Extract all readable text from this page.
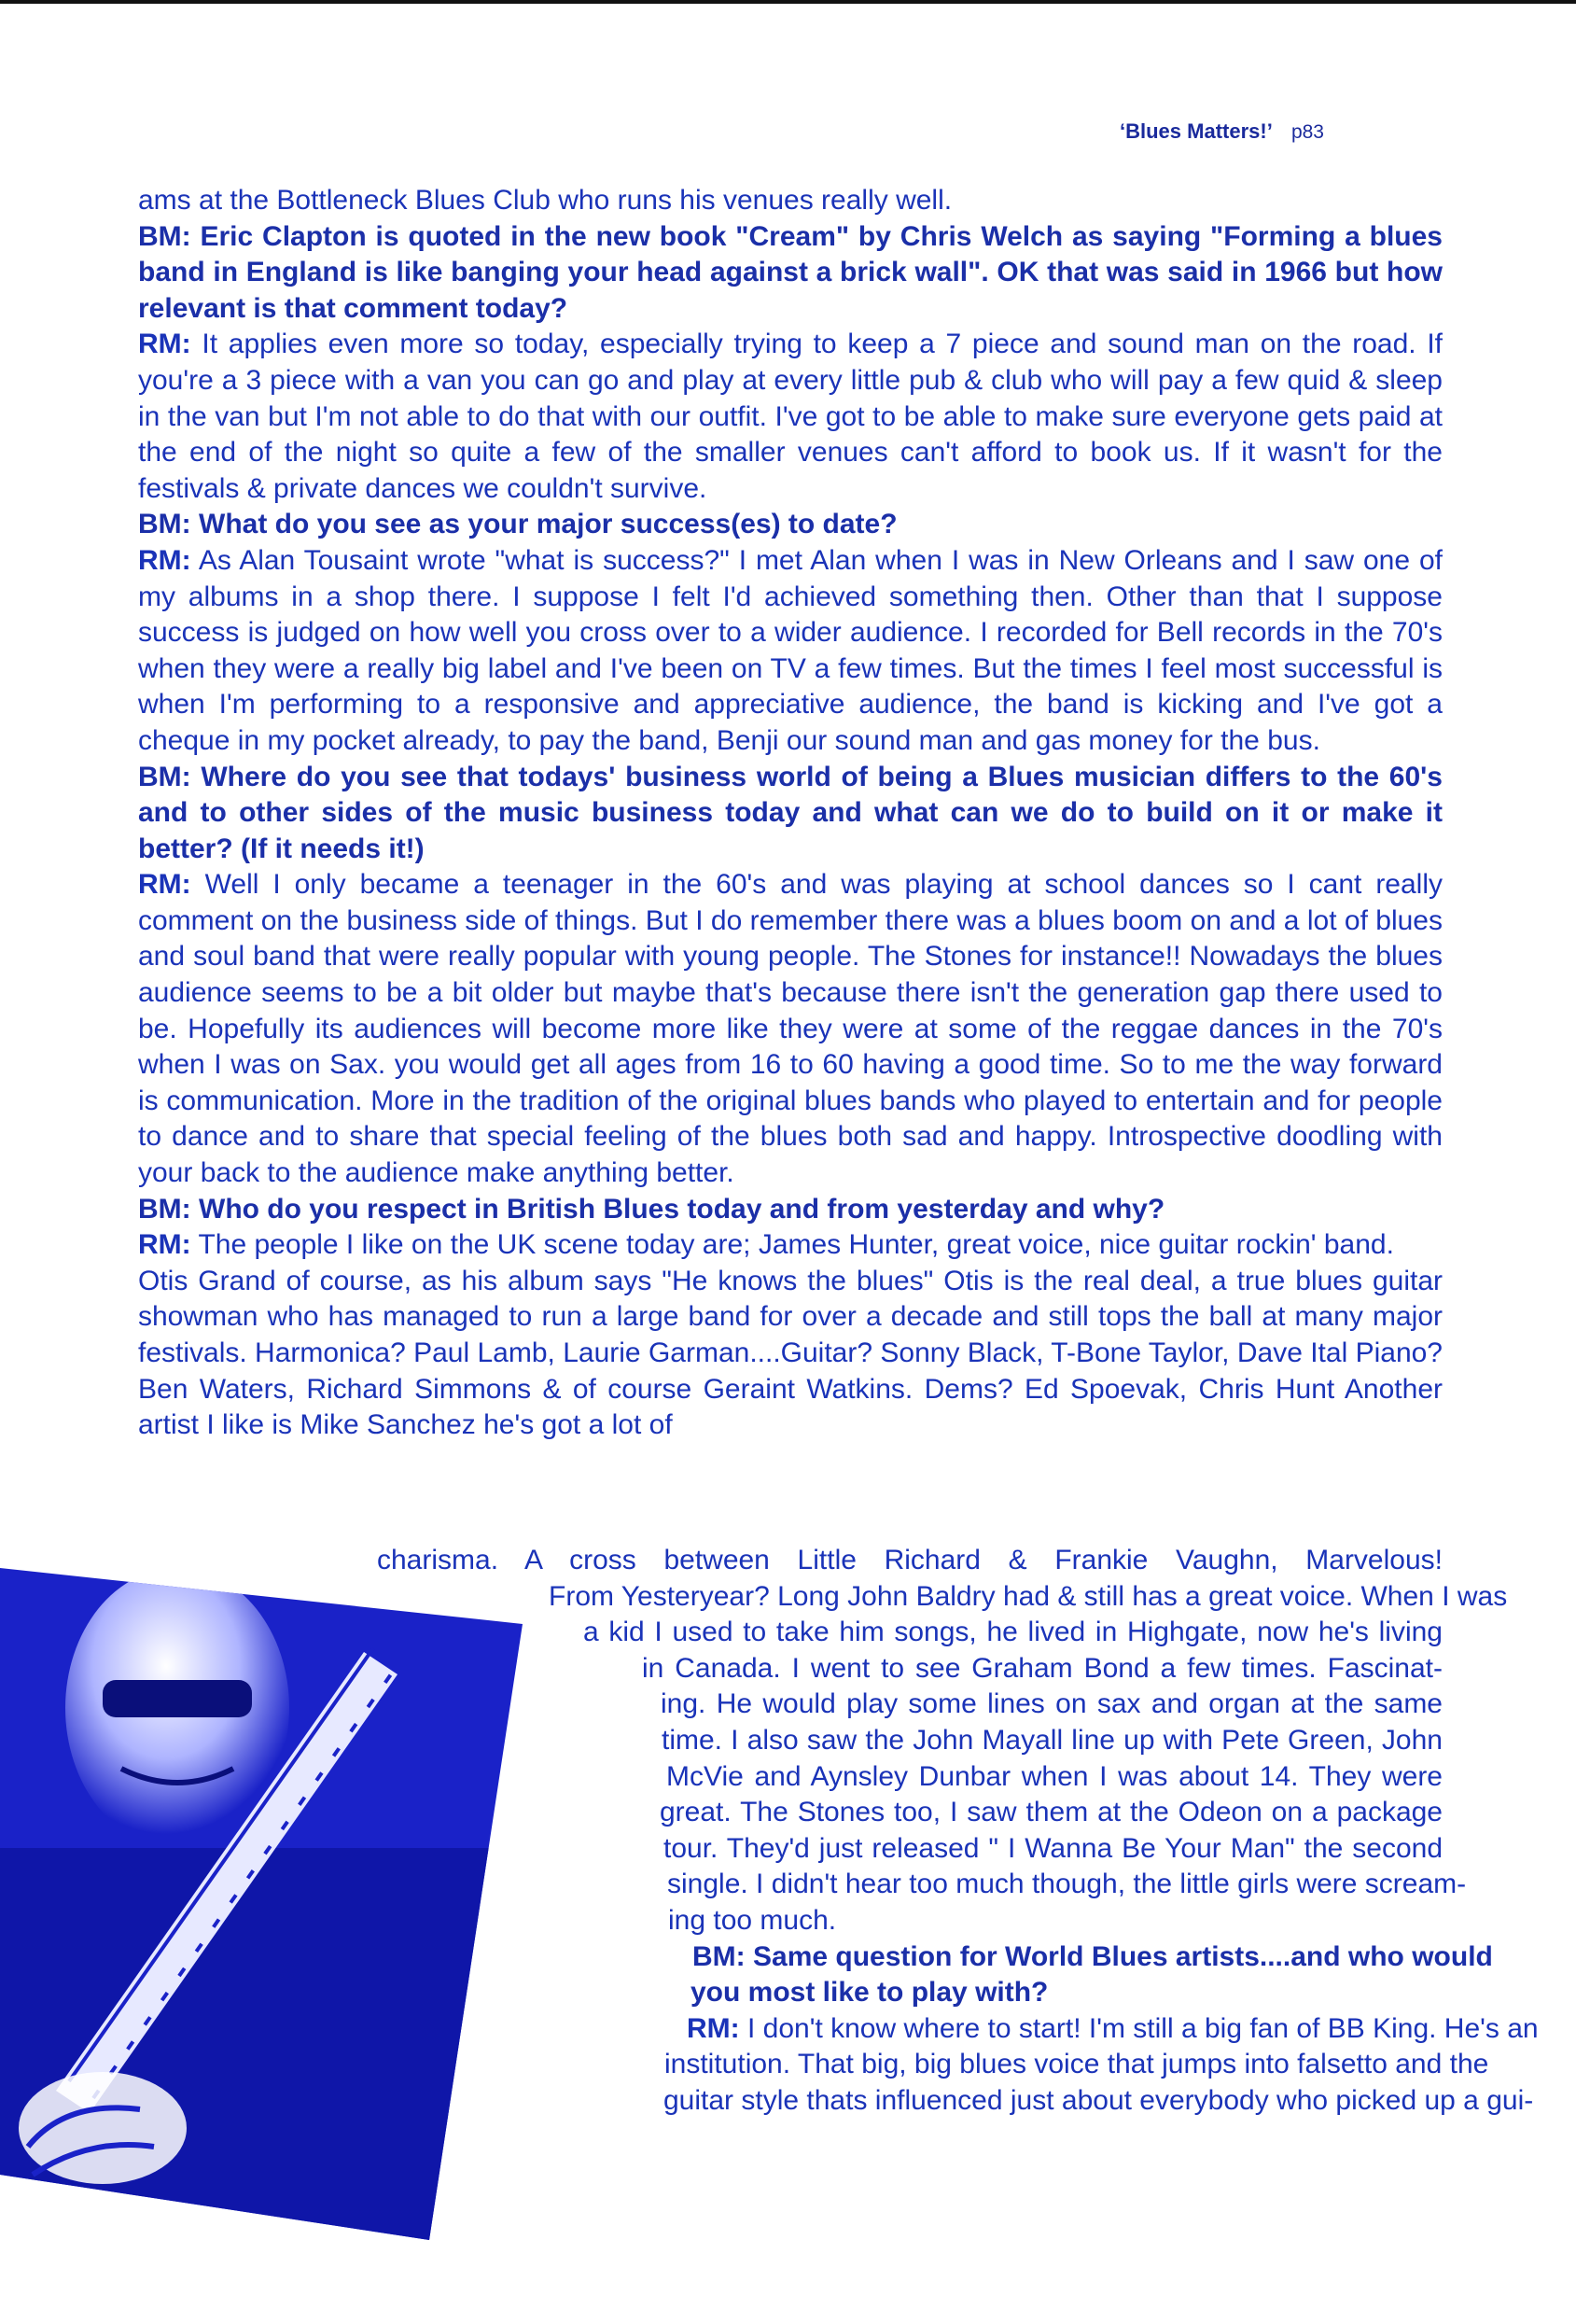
‘Blues Matters!’ p83

ams at the Bottleneck Blues Club who runs his venues really well.

BM: Eric Clapton is quoted in the new book "Cream" by Chris Welch as saying "Forming a blues band in England is like banging your head against a brick wall". OK that was said in 1966 but how relevant is that comment today?

RM: It applies even more so today, especially trying to keep a 7 piece and sound man on the road. If you're a 3 piece with a van you can go and play at every little pub & club who will pay a few quid & sleep in the van but I'm not able to do that with our outfit. I've got to be able to make sure everyone gets paid at the end of the night so quite a few of the smaller venues can't afford to book us. If it wasn't for the festivals & private dances we couldn't survive.

BM: What do you see as your major success(es) to date?

RM: As Alan Tousaint wrote "what is success?" I met Alan when I was in New Orleans and I saw one of my albums in a shop there. I suppose I felt I'd achieved something then. Other than that I suppose success is judged on how well you cross over to a wider audience. I recorded for Bell records in the 70's when they were a really big label and I've been on TV a few times. But the times I feel most successful is when I'm performing to a responsive and appreciative audience, the band is kicking and I've got a cheque in my pocket already, to pay the band, Benji our sound man and gas money for the bus.

BM: Where do you see that todays' business world of being a Blues musician differs to the 60's and to other sides of the music business today and what can we do to build on it or make it better? (If it needs it!)

RM: Well I only became a teenager in the 60's and was playing at school dances so I cant really comment on the business side of things. But I do remember there was a blues boom on and a lot of blues and soul band that were really popular with young people. The Stones for instance!! Nowadays the blues audience seems to be a bit older but maybe that's because there isn't the generation gap there used to be. Hopefully its audiences will become more like they were at some of the reggae dances in the 70's when I was on Sax. you would get all ages from 16 to 60 having a good time. So to me the way forward is communication. More in the tradition of the original blues bands who played to entertain and for people to dance and to share that special feeling of the blues both sad and happy. Introspective doodling with your back to the audience make anything better.

BM: Who do you respect in British Blues today and from yesterday and why?

RM: The people I like on the UK scene today are; James Hunter, great voice, nice guitar rockin' band.

Otis Grand of course, as his album says "He knows the blues" Otis is the real deal, a true blues guitar showman who has managed to run a large band for over a decade and still tops the ball at many major festivals. Harmonica? Paul Lamb, Laurie Garman....Guitar? Sonny Black, T-Bone Taylor, Dave Ital Piano? Ben Waters, Richard Simmons & of course Geraint Watkins. Dems? Ed Spoevak, Chris Hunt Another artist I like is Mike Sanchez he's got a lot of

charisma. A cross between Little Richard & Frankie Vaughn, Marvelous!
From Yesteryear? Long John Baldry had & still has a great voice. When I was
a kid I used to take him songs, he lived in Highgate, now he's living
in Canada. I went to see Graham Bond a few times. Fascinat-
ing. He would play some lines on sax and organ at the same
time. I also saw the John Mayall line up with Pete Green, John
McVie and Aynsley Dunbar when I was about 14. They were
great. The Stones too, I saw them at the Odeon on a package
tour. They'd just released " I Wanna Be Your Man" the second
single. I didn't hear too much though, the little girls were scream-
ing too much.
BM: Same question for World Blues artists....and who would
you most like to play with?
RM: I don't know where to start! I'm still a big fan of BB King. He's an
institution. That big, big blues voice that jumps into falsetto and the
guitar style thats influenced just about everybody who picked up a gui-
